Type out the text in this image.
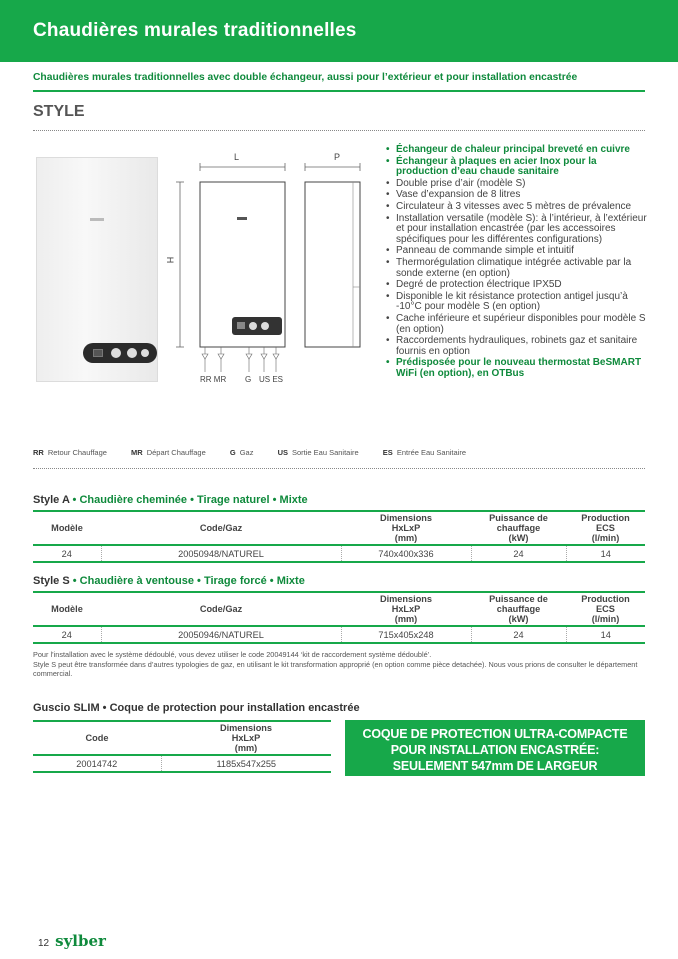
Chaudières murales traditionnelles
Chaudières murales traditionnelles avec double échangeur, aussi pour l’extérieur et pour installation encastrée
STYLE
L	P
H
RR MR G US ES
• Échangeur de chaleur principal breveté en cuivre
• Échangeur à plaques en acier Inox pour la production d’eau chaude sanitaire
• Double prise d’air (modèle S)
• Vase d’expansion de 8 litres
• Circulateur à 3 vitesses avec 5 mètres de prévalence
• Installation versatile (modèle S): à l’intérieur, à l’extérieur et pour installation encastrée (par les accessoires spécifiques pour les différentes configurations)
• Panneau de commande simple et intuitif
• Thermorégulation climatique intégrée activable par la sonde externe (en option)
• Degré de protection électrique IPX5D
• Disponible le kit résistance protection antigel jusqu’à -10°C pour modèle S (en option)
• Cache inférieure et supérieur disponibles pour modèle S (en option)
• Raccordements hydrauliques, robinets gaz et sanitaire fournis en option
• Prédisposée pour le nouveau thermostat BeSMART WiFi (en option), en OTBus
RR Retour Chauffage	MR Départ Chauffage	G Gaz	US Sortie Eau Sanitaire	ES Entrée Eau Sanitaire
Style A • Chaudière cheminée • Tirage naturel • Mixte
Modèle	Code/Gaz	Dimensions
HxLxP
(mm)	Puissance de
chauffage
(kW)	Production
ECS
(l/min)
24	20050948/NATUREL	740x400x336	24	14
Style S • Chaudière à ventouse • Tirage forcé • Mixte
Modèle	Code/Gaz	Dimensions
HxLxP
(mm)	Puissance de
chauffage
(kW)	Production
ECS
(l/min)
24	20050946/NATUREL	715x405x248	24	14
Pour l’installation avec le système dédoublé, vous devez utiliser le code 20049144 ‘kit de raccordement système dédoublé’.
Style S peut être transformée dans d’autres typologies de gaz, en utilisant le kit transformation approprié (en option comme pièce detachée). Nous vous prions de consulter le département commercial.
Guscio SLIM • Coque de protection pour installation encastrée
Code	Dimensions
HxLxP
(mm)
20014742	1185x547x255
COQUE DE PROTECTION ULTRA-COMPACTE
POUR INSTALLATION ENCASTRÉE:
SEULEMENT 547mm DE LARGEUR
12 sylber
